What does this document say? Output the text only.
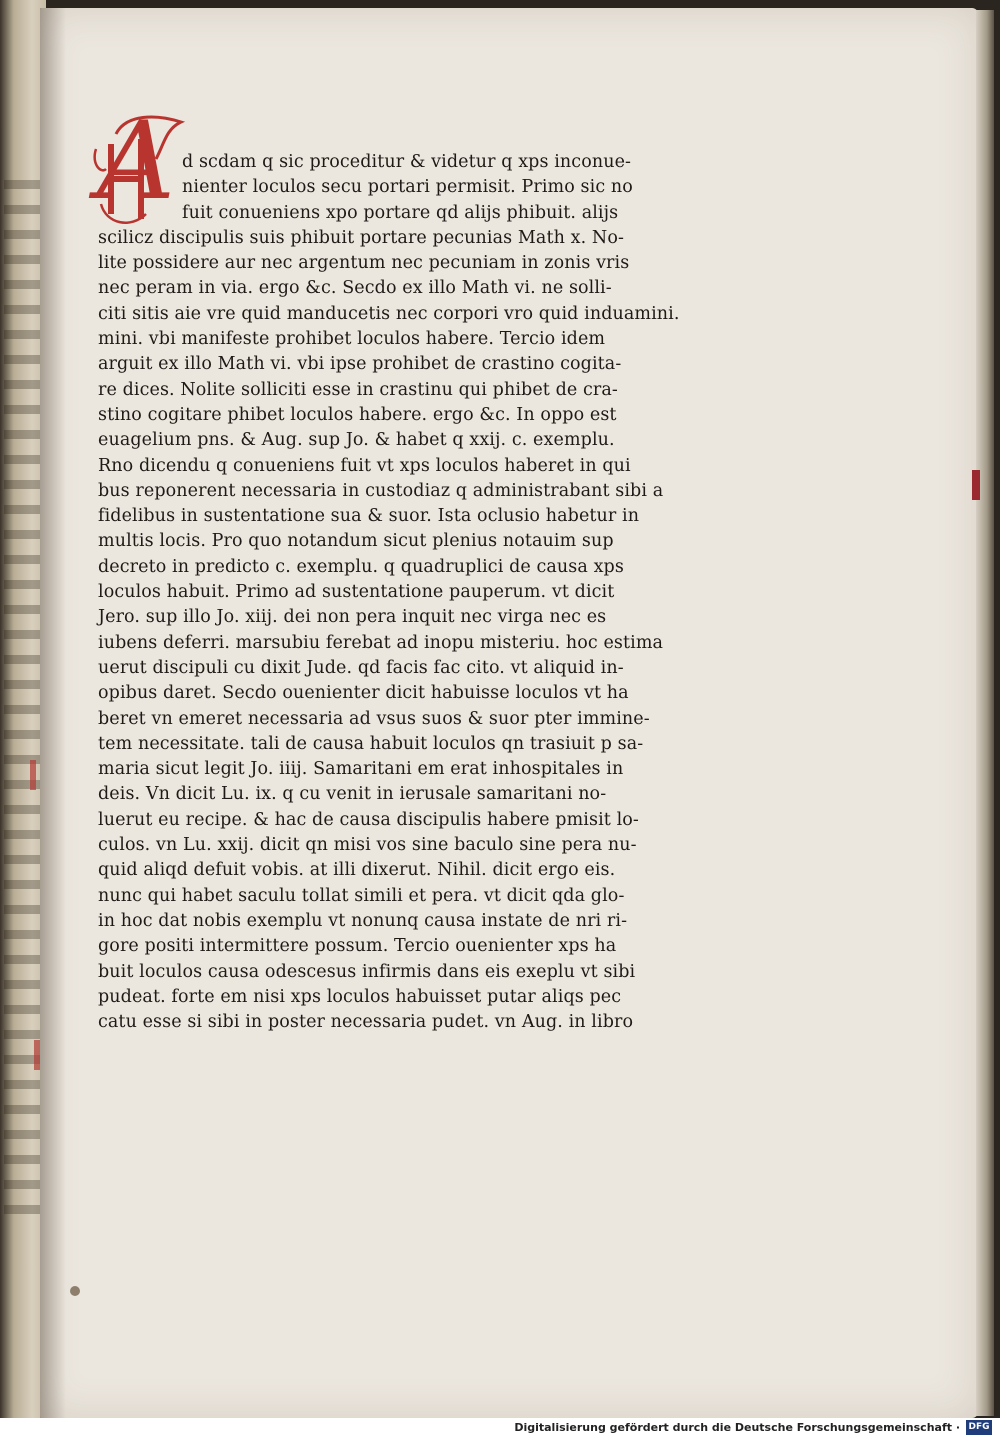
A d scdam q sic proceditur & videtur q xps inconue-
nienter loculos secu portari permisit. Primo sic no
fuit conueniens xpo portare qd alijs phibuit. alijs
scilicz discipulis suis phibuit portare pecunias Math x. No-
lite possidere aur nec argentum nec pecuniam in zonis vris
nec peram in via. ergo &c. Secdo ex illo Math vi. ne solli-
citi sitis aie vre quid manducetis nec corpori vro quid induamini.
mini. vbi manifeste prohibet loculos habere. Tercio idem
arguit ex illo Math vi. vbi ipse prohibet de crastino cogita-
re dices. Nolite solliciti esse in crastinu qui phibet de cra-
stino cogitare phibet loculos habere. ergo &c. In oppo est
euagelium pns. & Aug. sup Jo. & habet q xxij. c. exemplu.
Rno dicendu q conueniens fuit vt xps loculos haberet in qui
bus reponerent necessaria in custodiaz q administrabant sibi a
fidelibus in sustentatione sua & suor. Ista oclusio habetur in
multis locis. Pro quo notandum sicut plenius notauim sup
decreto in predicto c. exemplu. q quadruplici de causa xps
loculos habuit. Primo ad sustentatione pauperum. vt dicit
Jero. sup illo Jo. xiij. dei non pera inquit nec virga nec es
iubens deferri. marsubiu ferebat ad inopu misteriu. hoc estima
uerut discipuli cu dixit Jude. qd facis fac cito. vt aliquid in-
opibus daret. Secdo ouenienter dicit habuisse loculos vt ha
beret vn emeret necessaria ad vsus suos & suor pter immine-
tem necessitate. tali de causa habuit loculos qn trasiuit p sa-
maria sicut legit Jo. iiij. Samaritani em erat inhospitales in
deis. Vn dicit Lu. ix. q cu venit in ierusale samaritani no-
luerut eu recipe. & hac de causa discipulis habere pmisit lo-
culos. vn Lu. xxij. dicit qn misi vos sine baculo sine pera nu-
quid aliqd defuit vobis. at illi dixerut. Nihil. dicit ergo eis.
nunc qui habet saculu tollat simili et pera. vt dicit qda glo-
in hoc dat nobis exemplu vt nonunq causa instate de nri ri-
gore positi intermittere possum. Tercio ouenienter xps ha
buit loculos causa odescesus infirmis dans eis exeplu vt sibi
pudeat. forte em nisi xps loculos habuisset putar aliqs pec
catu esse si sibi in poster necessaria pudet. vn Aug. in libro
Digitalisierung gefördert durch die Deutsche Forschungsgemeinschaft · DFG
